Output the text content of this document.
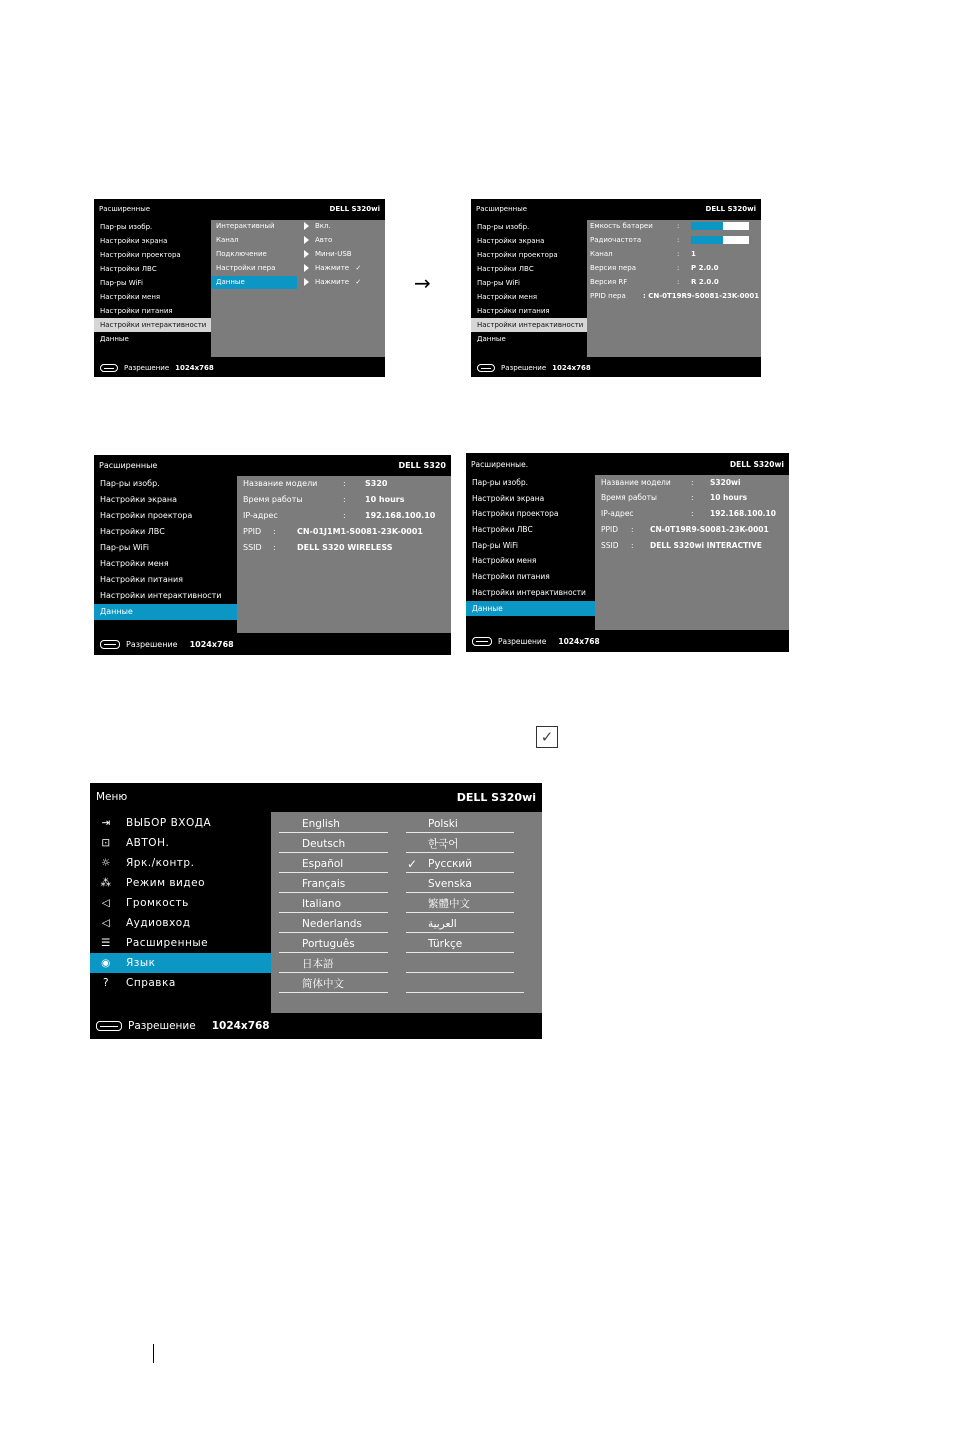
Расширенные	DELL S320wi
Пар-ры изобр.
Настройки экрана
Настройки проектора
Настройки ЛВС
Пар-ры WiFi
Настройки меня
Настройки питания
Настройки интерактивности
Данные
Интерактивный	Вкл.
Канал	Авто
Подключение	Мини-USB
Настройки пера	Нажмите ✓
Данные	Нажмите ✓
Разрешение 1024x768
→
Расширенные	DELL S320wi
Пар-ры изобр.
Настройки экрана
Настройки проектора
Настройки ЛВС
Пар-ры WiFi
Настройки меня
Настройки питания
Настройки интерактивности
Данные
Емкость батареи	:
Радиочастота	:
Канал	: 1
Версия пера	: P 2.0.0
Версия RF	: R 2.0.0
PPID пера : CN-0T19R9-S0081-23K-0001
Разрешение 1024x768
Расширенные	DELL S320
Пар-ры изобр.
Настройки экрана
Настройки проектора
Настройки ЛВС
Пар-ры WiFi
Настройки меня
Настройки питания
Настройки интерактивности
Данные
Название модели	: S320
Время работы	: 10 hours
IP-адрес	: 192.168.100.10
PPID :	CN-01J1M1-S0081-23K-0001
SSID :	DELL S320 WIRELESS
Разрешение 1024x768
Расширенные.	DELL S320wi
Пар-ры изобр.
Настройки экрана
Настройки проектора
Настройки ЛВС
Пар-ры WiFi
Настройки меня
Настройки питания
Настройки интерактивности
Данные
Название модели	: S320wi
Время работы	: 10 hours
IP-адрес	: 192.168.100.10
PPID : CN-0T19R9-S0081-23K-0001
SSID : DELL S320wi INTERACTIVE
Разрешение 1024x768
✓
Меню	DELL S320wi
⇥ ВЫБОР ВХОДА
⊡ АВТОН.
☼ Ярк./контр.
⁂ Режим видео
◁ Громкость
◁ Аудиовход
☰ Расширенные
◉ Язык
? Справка
English
Deutsch
Español
Français
Italiano
Nederlands
Português
日本語
简体中文
Polski
한국어
✓ Русский
Svenska
繁體中文
العربية
Türkçe
Разрешение 1024x768
